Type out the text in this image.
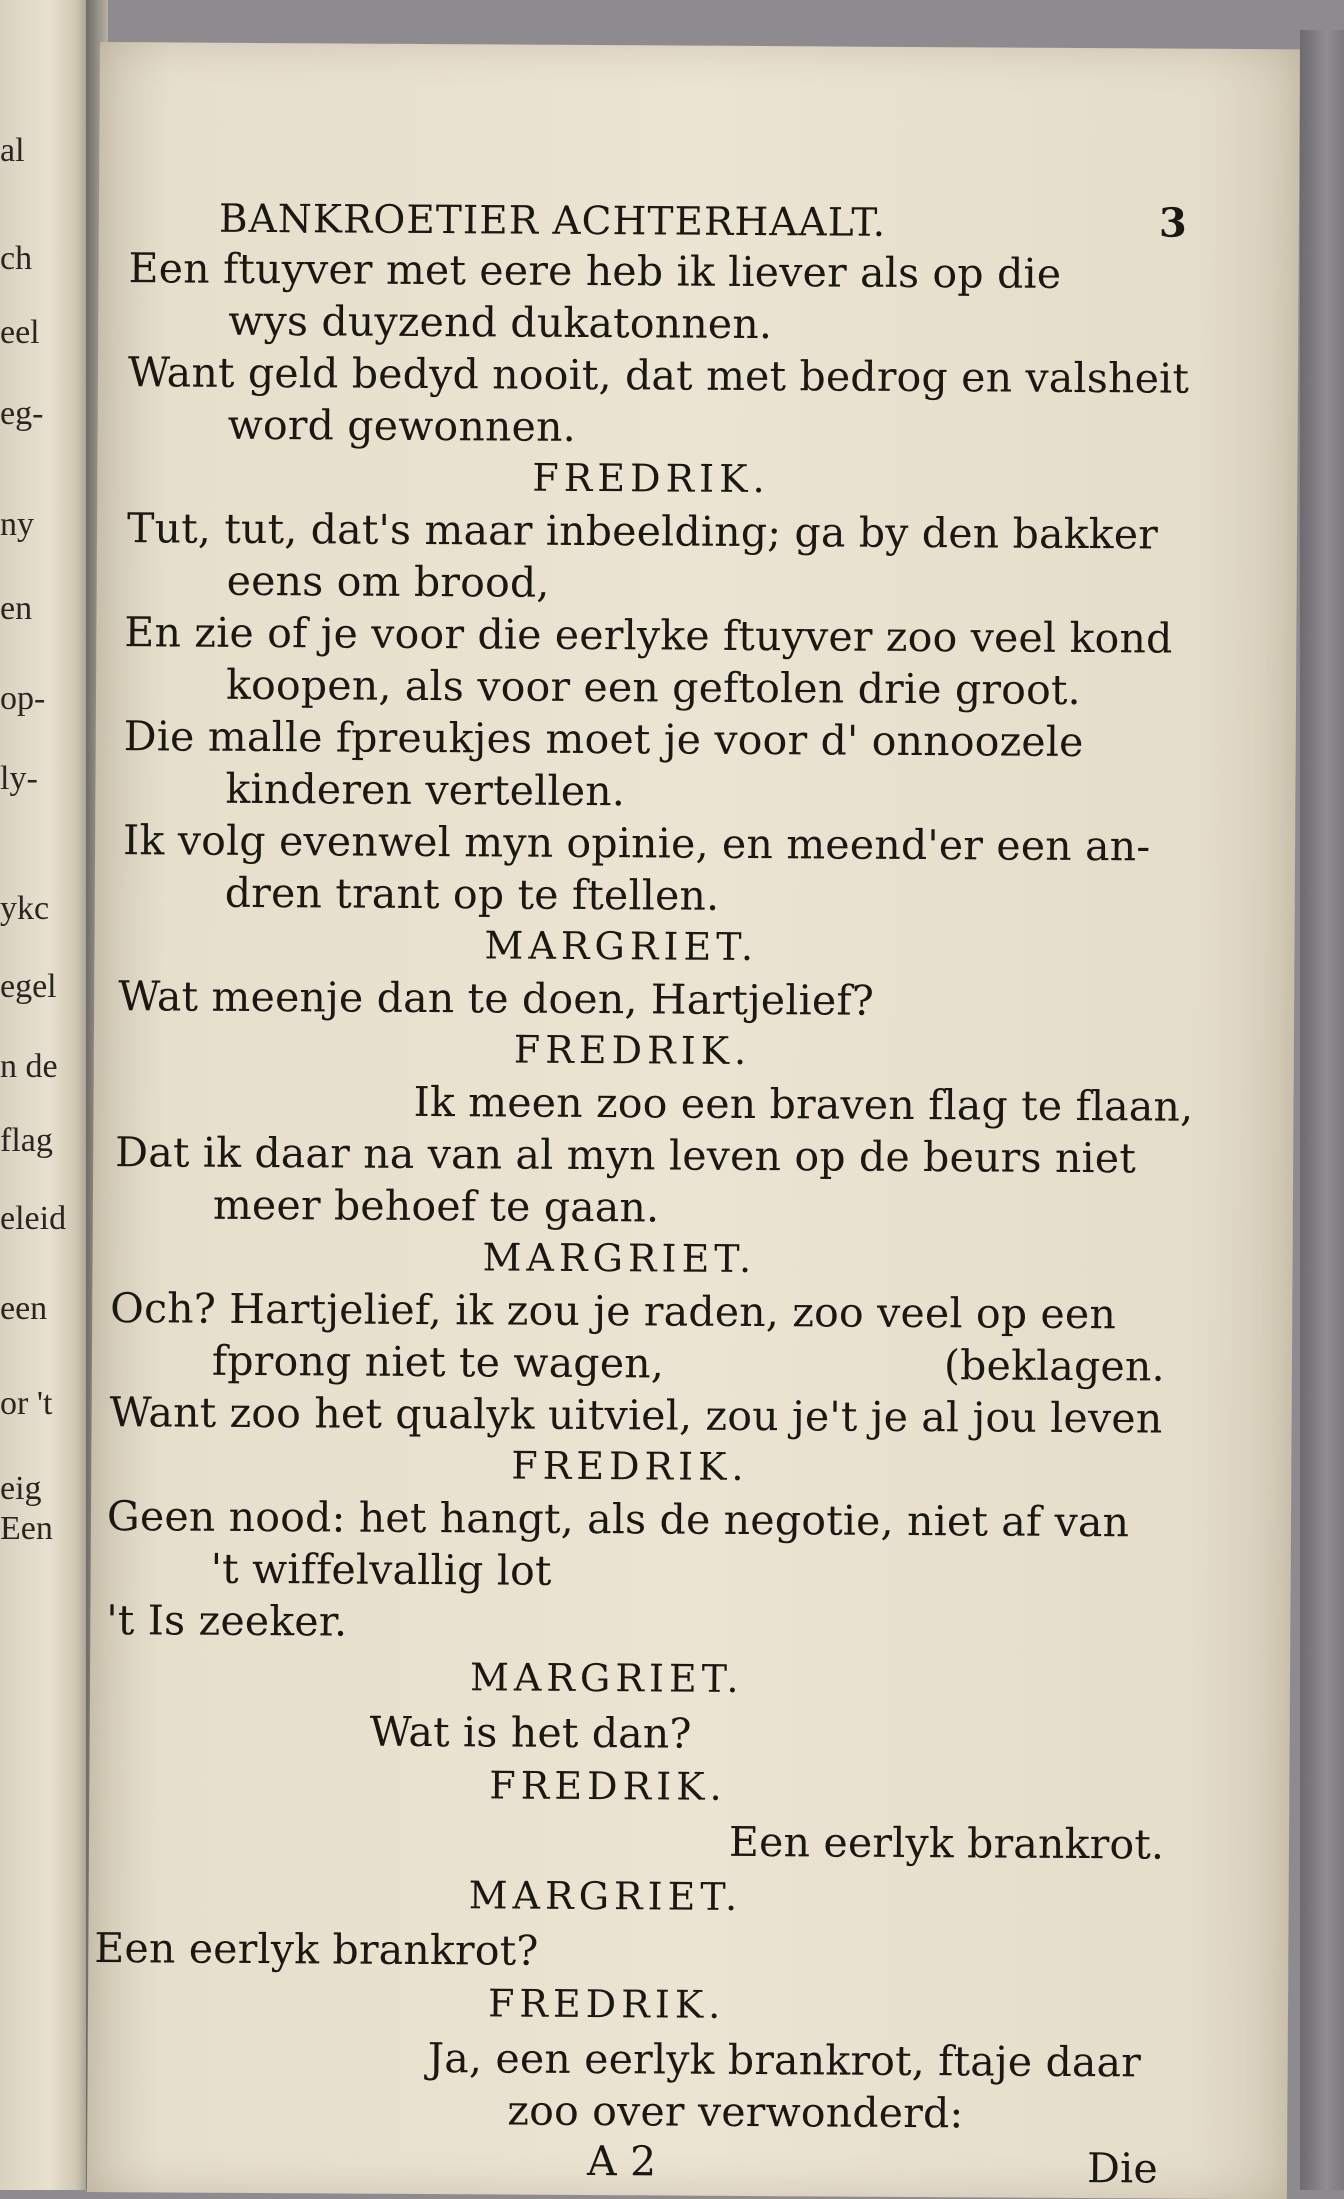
al
ch
eel
eg-
ny
en
op-
ly-
ykc
egel
n de
flag
eleid
een
or 't
eig
Een
BANKROETIER ACHTERHAALT.	3
Een ftuyver met eere heb ik liever als op die
wys duyzend dukatonnen.
Want geld bedyd nooit, dat met bedrog en valsheit
word gewonnen.
FREDRIK.
Tut, tut, dat's maar inbeelding; ga by den bakker
eens om brood,
En zie of je voor die eerlyke ftuyver zoo veel kond
koopen, als voor een geftolen drie groot.
Die malle fpreukjes moet je voor d' onnoozele
kinderen vertellen.
Ik volg evenwel myn opinie, en meend'er een an-
dren trant op te ftellen.
MARGRIET.
Wat meenje dan te doen, Hartjelief?
FREDRIK.
Ik meen zoo een braven flag te flaan,
Dat ik daar na van al myn leven op de beurs niet
meer behoef te gaan.
MARGRIET.
Och? Hartjelief, ik zou je raden, zoo veel op een
fprong niet te wagen,	(beklagen.
Want zoo het qualyk uitviel, zou je't je al jou leven
FREDRIK.
Geen nood: het hangt, als de negotie, niet af van
't wiffelvallig lot
't Is zeeker.
MARGRIET.
Wat is het dan?
FREDRIK.
Een eerlyk brankrot.
MARGRIET.
Een eerlyk brankrot?
FREDRIK.
Ja, een eerlyk brankrot, ftaje daar
zoo over verwonderd:
A 2	Die
